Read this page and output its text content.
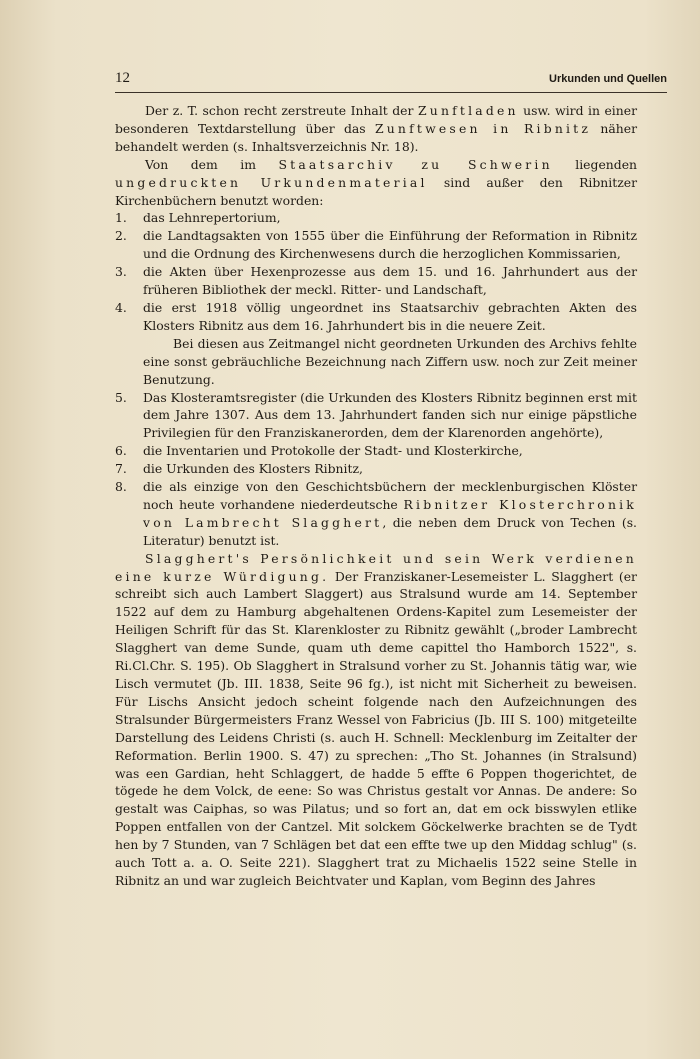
12	Urkunden und Quellen

Der z. T. schon recht zerstreute Inhalt der Zunftladen usw. wird in einer besonderen Textdarstellung über das Zunftwesen in Ribnitz näher behandelt werden (s. Inhaltsverzeichnis Nr. 18).

Von dem im Staatsarchiv zu Schwerin liegenden ungedruckten Urkundenmaterial sind außer den Ribnitzer Kirchenbüchern benutzt worden:

1.	das Lehnrepertorium,
2.	die Landtagsakten von 1555 über die Einführung der Reformation in Ribnitz und die Ordnung des Kirchenwesens durch die herzoglichen Kommissarien,
3.	die Akten über Hexenprozesse aus dem 15. und 16. Jahrhundert aus der früheren Bibliothek der meckl. Ritter- und Landschaft,
4.	die erst 1918 völlig ungeordnet ins Staatsarchiv gebrachten Akten des Klosters Ribnitz aus dem 16. Jahrhundert bis in die neuere Zeit.

Bei diesen aus Zeitmangel nicht geordneten Urkunden des Archivs fehlte eine sonst gebräuchliche Bezeichnung nach Ziffern usw. noch zur Zeit meiner Benutzung.

5.	Das Klosteramtsregister (die Urkunden des Klosters Ribnitz beginnen erst mit dem Jahre 1307. Aus dem 13. Jahrhundert fanden sich nur einige päpstliche Privilegien für den Franziskanerorden, dem der Klarenorden angehörte),
6.	die Inventarien und Protokolle der Stadt- und Klosterkirche,
7.	die Urkunden des Klosters Ribnitz,
8.	die als einzige von den Geschichtsbüchern der mecklenburgischen Klöster noch heute vorhandene niederdeutsche Ribnitzer Klosterchronik von Lambrecht Slagghert, die neben dem Druck von Techen (s. Literatur) benutzt ist.

Slagghert's Persönlichkeit und sein Werk verdienen eine kurze Würdigung. Der Franziskaner-Lesemeister L. Slagghert (er schreibt sich auch Lambert Slaggert) aus Stralsund wurde am 14. September 1522 auf dem zu Hamburg abgehaltenen Ordens-Kapitel zum Lesemeister der Heiligen Schrift für das St. Klarenkloster zu Ribnitz gewählt („broder Lambrecht Slagghert van deme Sunde, quam uth deme capittel tho Hamborch 1522", s. Ri.Cl.Chr. S. 195). Ob Slagghert in Stralsund vorher zu St. Johannis tätig war, wie Lisch vermutet (Jb. III. 1838, Seite 96 fg.), ist nicht mit Sicherheit zu beweisen. Für Lischs Ansicht jedoch scheint folgende nach den Aufzeichnungen des Stralsunder Bürgermeisters Franz Wessel von Fabricius (Jb. III S. 100) mitgeteilte Darstellung des Leidens Christi (s. auch H. Schnell: Mecklenburg im Zeitalter der Reformation. Berlin 1900. S. 47) zu sprechen: „Tho St. Johannes (in Stralsund) was een Gardian, heht Schlaggert, de hadde 5 effte 6 Poppen thogerichtet, de tögede he dem Volck, de eene: So was Christus gestalt vor Annas. De andere: So gestalt was Caiphas, so was Pilatus; und so fort an, dat em ock bisswylen etlike Poppen entfallen von der Cantzel. Mit solckem Göckelwerke brachten se de Tydt hen by 7 Stunden, van 7 Schlägen bet dat een effte twe up den Middag schlug" (s. auch Tott a. a. O. Seite 221). Slagghert trat zu Michaelis 1522 seine Stelle in Ribnitz an und war zugleich Beichtvater und Kaplan, vom Beginn des Jahres
